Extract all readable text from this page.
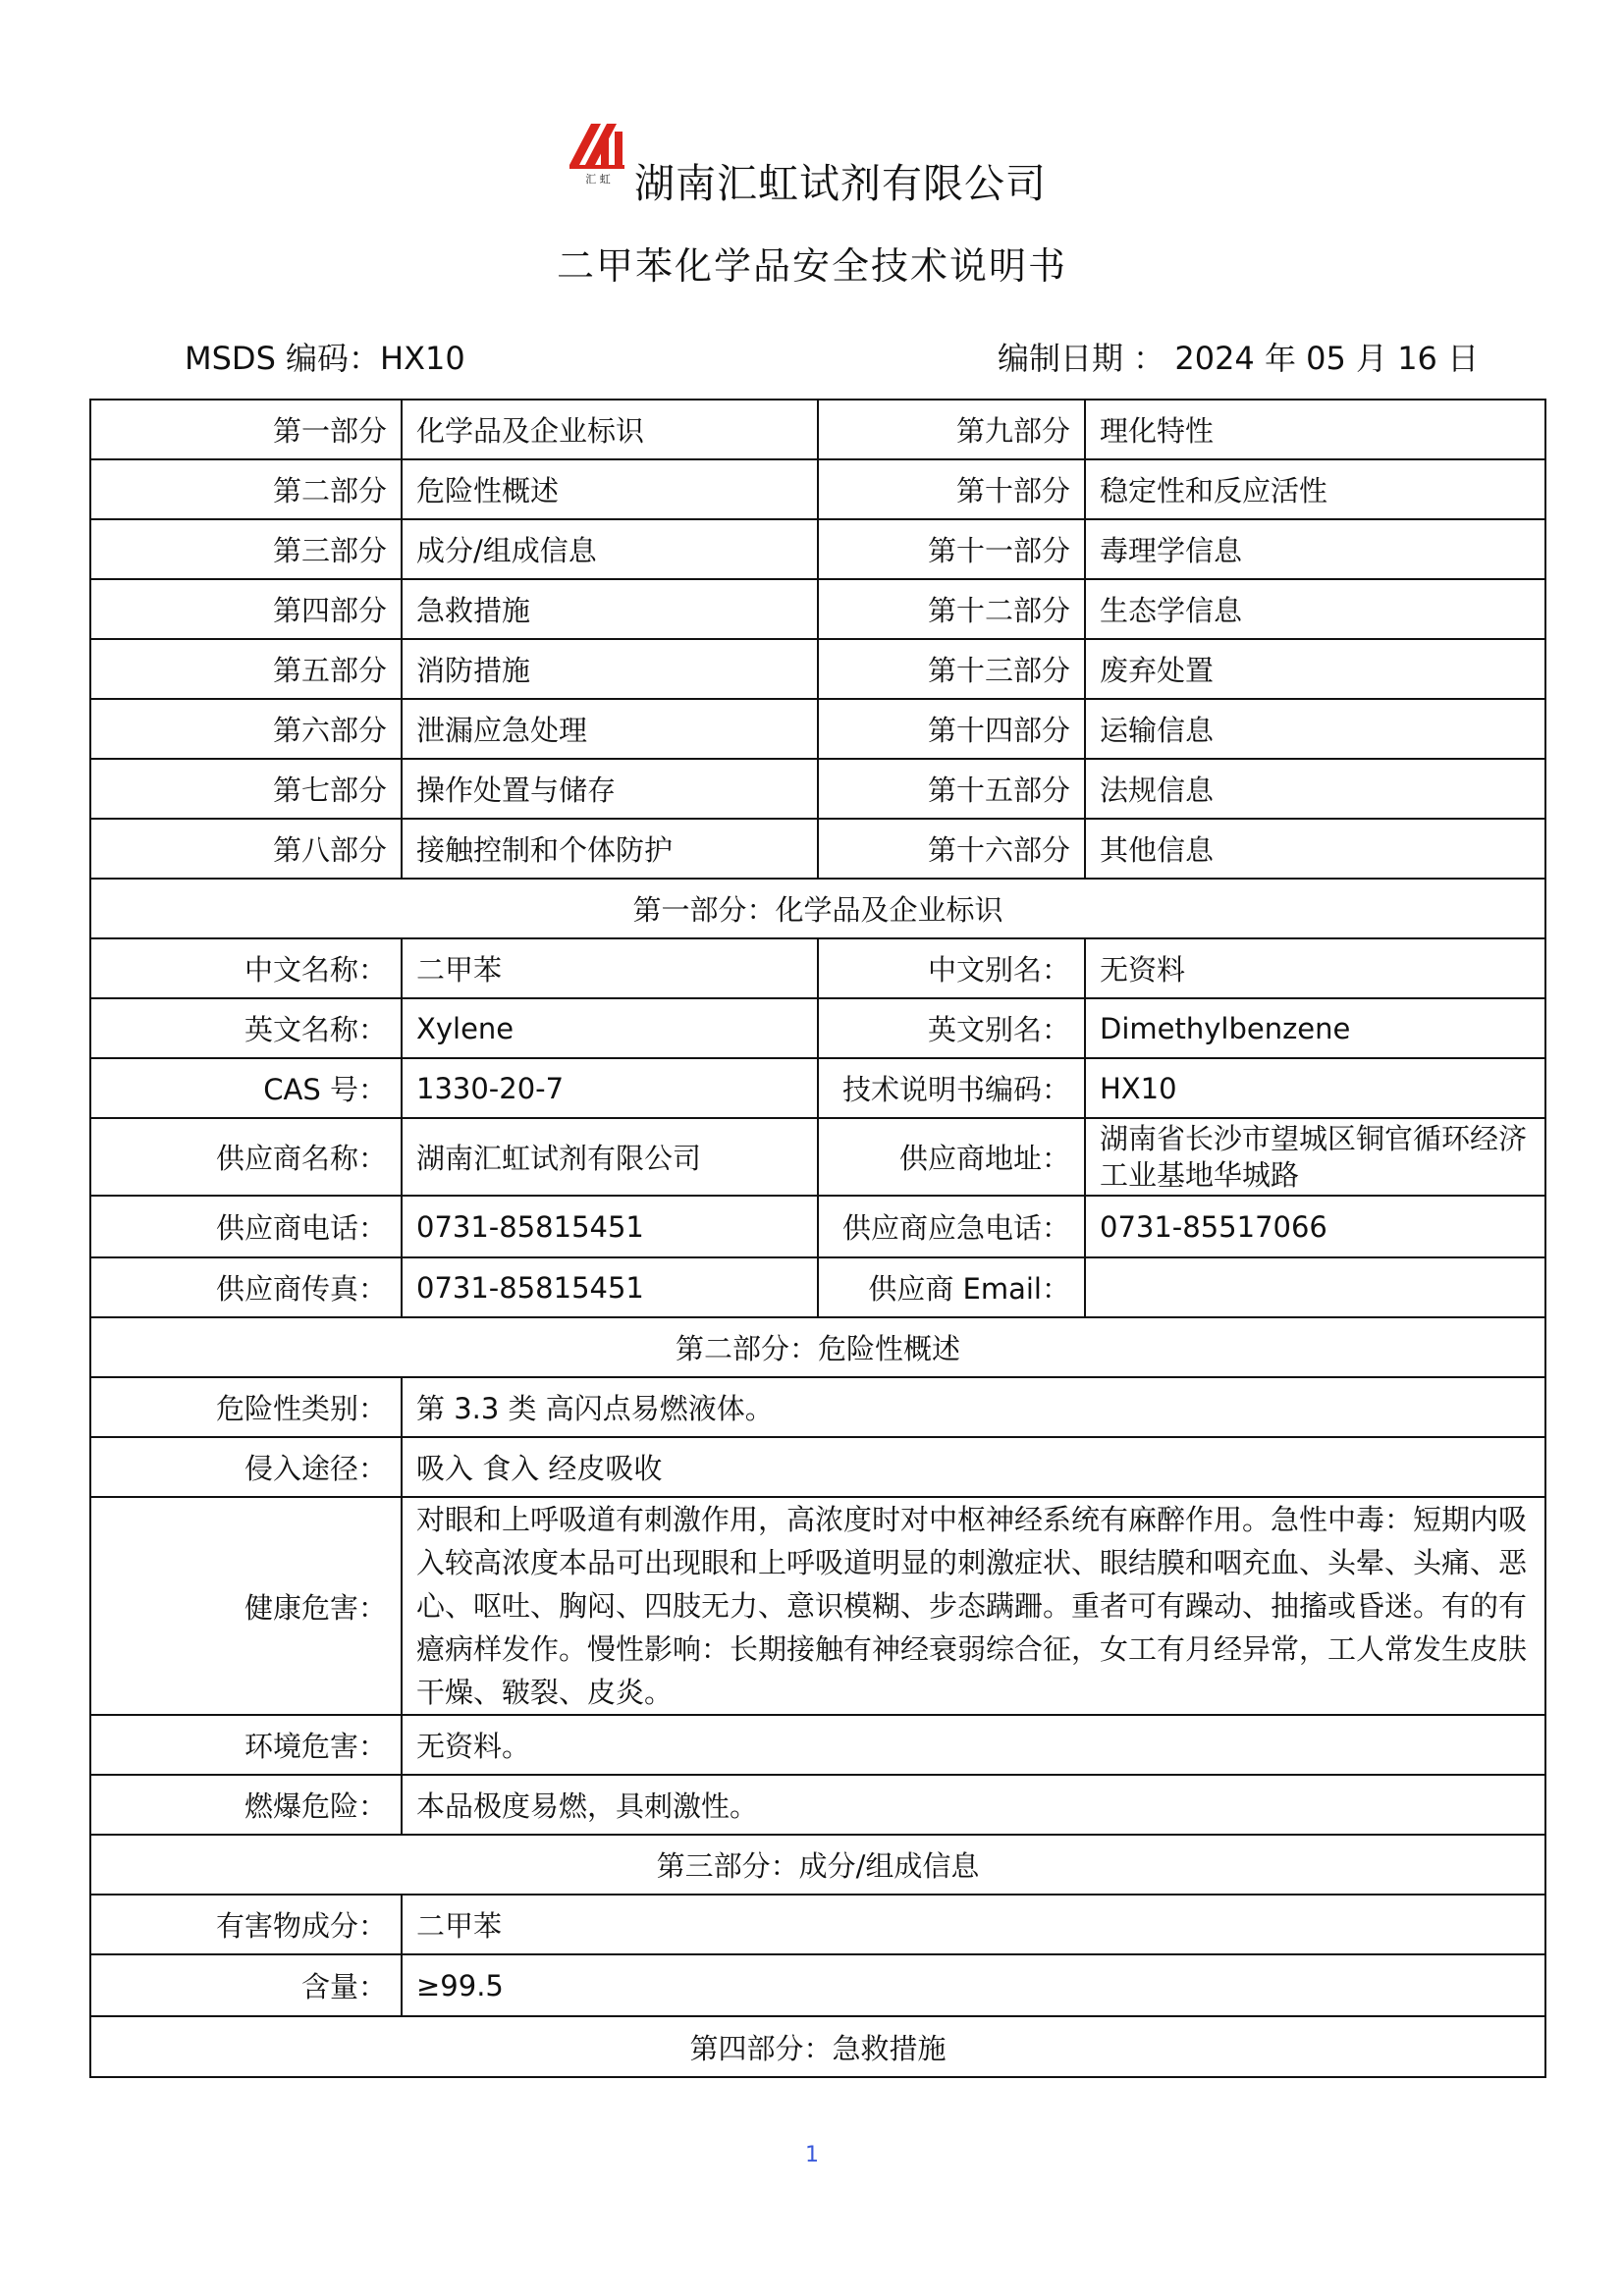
汇 虹 湖南汇虹试剂有限公司
二甲苯化学品安全技术说明书
MSDS 编码：HX10	编制日期 ： 2024 年 05 月 16 日
第一部分	化学品及企业标识	第九部分	理化特性
第二部分	危险性概述	第十部分	稳定性和反应活性
第三部分	成分/组成信息	第十一部分	毒理学信息
第四部分	急救措施	第十二部分	生态学信息
第五部分	消防措施	第十三部分	废弃处置
第六部分	泄漏应急处理	第十四部分	运输信息
第七部分	操作处置与储存	第十五部分	法规信息
第八部分	接触控制和个体防护	第十六部分	其他信息
第一部分：化学品及企业标识			
中文名称：	二甲苯	中文别名：	无资料
英文名称：	Xylene	英文别名：	Dimethylbenzene
CAS 号：	1330-20-7	技术说明书编码：	HX10
供应商名称：	湖南汇虹试剂有限公司	供应商地址：	湖南省长沙市望城区铜官循环经济工业基地华城路
供应商电话：	0731-85815451	供应商应急电话：	0731-85517066
供应商传真：	0731-85815451	供应商 Email：	
第二部分：危险性概述			
危险性类别：	第 3.3 类 高闪点易燃液体。		
侵入途径：	吸入 食入 经皮吸收		
健康危害：	对眼和上呼吸道有刺激作用，高浓度时对中枢神经系统有麻醉作用。急性中毒：短期内吸入较高浓度本品可出现眼和上呼吸道明显的刺激症状、眼结膜和咽充血、头晕、头痛、恶心、呕吐、胸闷、四肢无力、意识模糊、步态蹒跚。重者可有躁动、抽搐或昏迷。有的有癔病样发作。慢性影响：长期接触有神经衰弱综合征，女工有月经异常，工人常发生皮肤干燥、皲裂、皮炎。		
环境危害：	无资料。		
燃爆危险：	本品极度易燃，具刺激性。		
第三部分：成分/组成信息			
有害物成分：	二甲苯		
含量：	≥99.5		
第四部分：急救措施			
1
